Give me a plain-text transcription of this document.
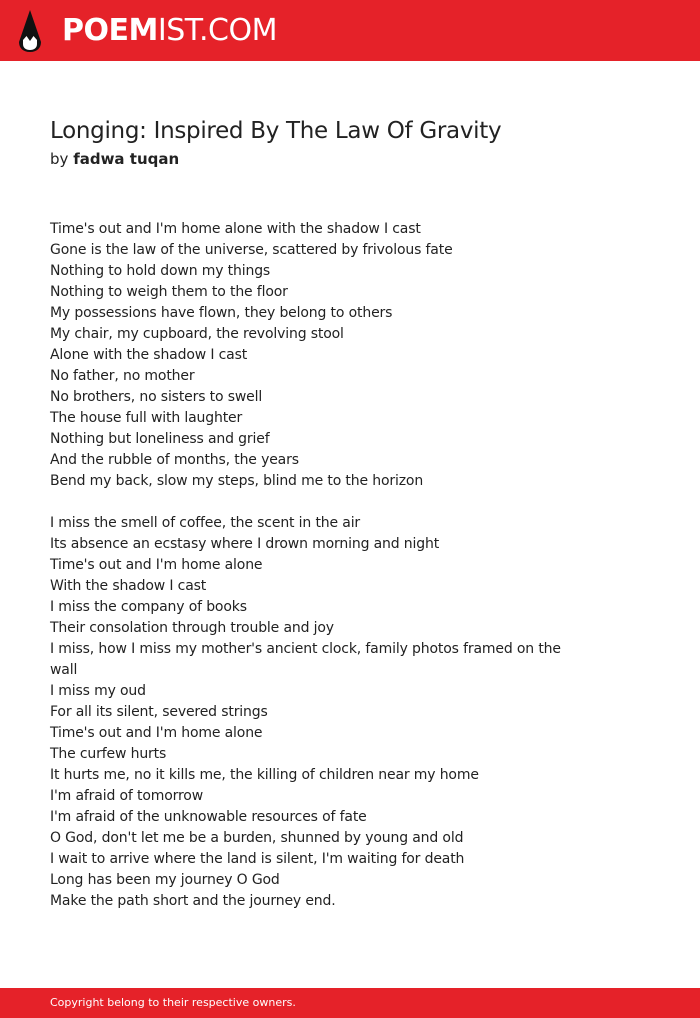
POEMIST.COM
Longing: Inspired By The Law Of Gravity
by fadwa tuqan
Time's out and I'm home alone with the shadow I cast
Gone is the law of the universe, scattered by frivolous fate
Nothing to hold down my things
Nothing to weigh them to the floor
My possessions have flown, they belong to others
My chair, my cupboard, the revolving stool
Alone with the shadow I cast
No father, no mother
No brothers, no sisters to swell
The house full with laughter
Nothing but loneliness and grief
And the rubble of months, the years
Bend my back, slow my steps, blind me to the horizon
I miss the smell of coffee, the scent in the air
Its absence an ecstasy where I drown morning and night
Time's out and I'm home alone
With the shadow I cast
I miss the company of books
Their consolation through trouble and joy
I miss, how I miss my mother's ancient clock, family photos framed on the wall
I miss my oud
For all its silent, severed strings
Time's out and I'm home alone
The curfew hurts
It hurts me, no it kills me, the killing of children near my home
I'm afraid of tomorrow
I'm afraid of the unknowable resources of fate
O God, don't let me be a burden, shunned by young and old
I wait to arrive where the land is silent, I'm waiting for death
Long has been my journey O God
Make the path short and the journey end.
Copyright belong to their respective owners.
